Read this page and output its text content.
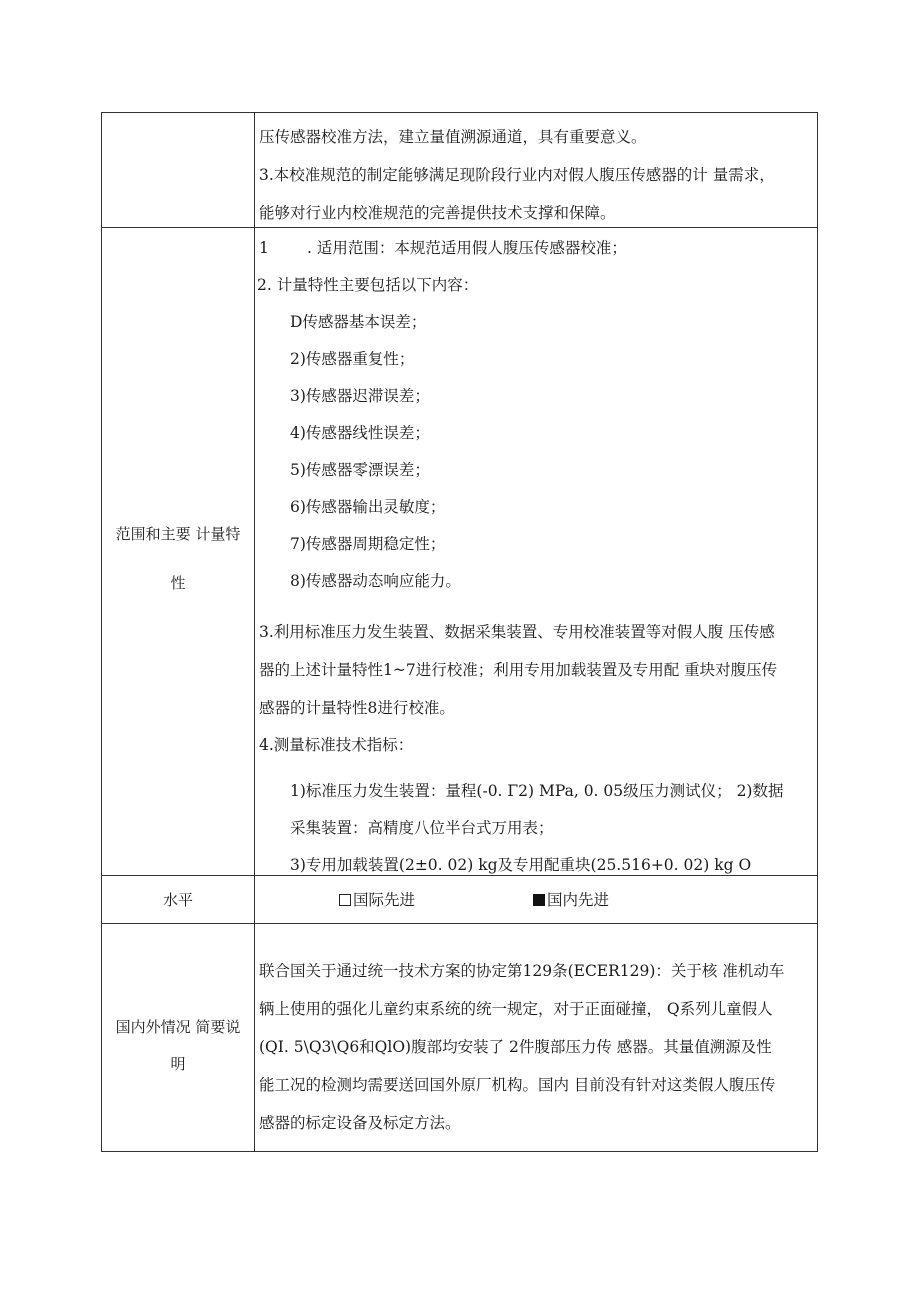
压传感器校准方法，建立量值溯源通道，具有重要意义。
3.本校准规范的制定能够满足现阶段行业内对假人腹压传感器的计 量需求，
能够对行业内校准规范的完善提供技术支撑和保障。
范围和主要 计量特
性
1 . 适用范围：本规范适用假人腹压传感器校准；
2. 计量特性主要包括以下内容：
D传感器基本误差；
2)传感器重复性；
3)传感器迟滞误差；
4)传感器线性误差；
5)传感器零漂误差；
6)传感器输出灵敏度；
7)传感器周期稳定性；
8)传感器动态响应能力。
3.利用标准压力发生装置、数据采集装置、专用校准装置等对假人腹 压传感
器的上述计量特性1~7进行校准；利用专用加载装置及专用配 重块对腹压传
感器的计量特性8进行校准。
4.测量标准技术指标：
1)标准压力发生装置：量程(-0. Γ2) MPa, 0. 05级压力测试仪； 2)数据
采集装置：高精度八位半台式万用表；
3)专用加载装置(2±0. 02) kg及专用配重块(25.516+0. 02) kg O
水平	国际先进	国内先进
国内外情况 简要说
明
联合国关于通过统一技术方案的协定第129条(ECER129)：关于核 准机动车
辆上使用的强化儿童约束系统的统一规定，对于正面碰撞， Q系列儿童假人
(QI. 5\Q3\Q6和QlO)腹部均安装了 2件腹部压力传 感器。其量值溯源及性
能工况的检测均需要送回国外原厂机构。国内 目前没有针对这类假人腹压传
感器的标定设备及标定方法。
